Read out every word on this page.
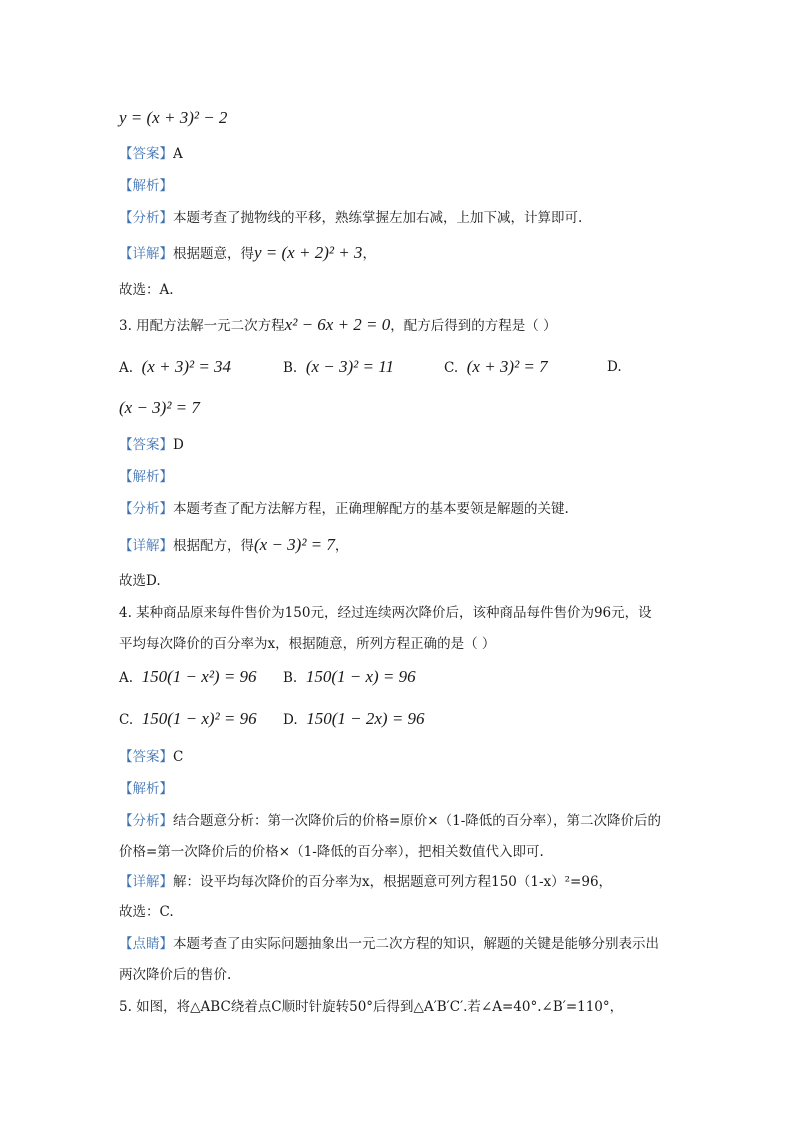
y = (x + 3)² − 2
【答案】A
【解析】
【分析】本题考查了抛物线的平移，熟练掌握左加右减，上加下减，计算即可.
【详解】根据题意，得y = (x + 2)² + 3，
故选：A.
3. 用配方法解一元二次方程x² − 6x + 2 = 0，配方后得到的方程是（ ）
A. (x + 3)² = 34	B. (x − 3)² = 11	C. (x + 3)² = 7	D.
(x − 3)² = 7
【答案】D
【解析】
【分析】本题考查了配方法解方程，正确理解配方的基本要领是解题的关键.
【详解】根据配方，得(x − 3)² = 7，
故选D.
4. 某种商品原来每件售价为150元，经过连续两次降价后，该种商品每件售价为96元，设
平均每次降价的百分率为x，根据随意，所列方程正确的是（ ）
A. 150(1 − x²) = 96 B. 150(1 − x) = 96
C. 150(1 − x)² = 96 D. 150(1 − 2x) = 96
【答案】C
【解析】
【分析】结合题意分析：第一次降价后的价格=原价×（1-降低的百分率），第二次降价后的
价格=第一次降价后的价格×（1-降低的百分率），把相关数值代入即可.
【详解】解：设平均每次降价的百分率为x，根据题意可列方程150（1-x）²=96，
故选：C.
【点睛】本题考查了由实际问题抽象出一元二次方程的知识，解题的关键是能够分别表示出
两次降价后的售价.
5. 如图，将△ABC绕着点C顺时针旋转50°后得到△A′B′C′.若∠A=40°.∠B′=110°，
